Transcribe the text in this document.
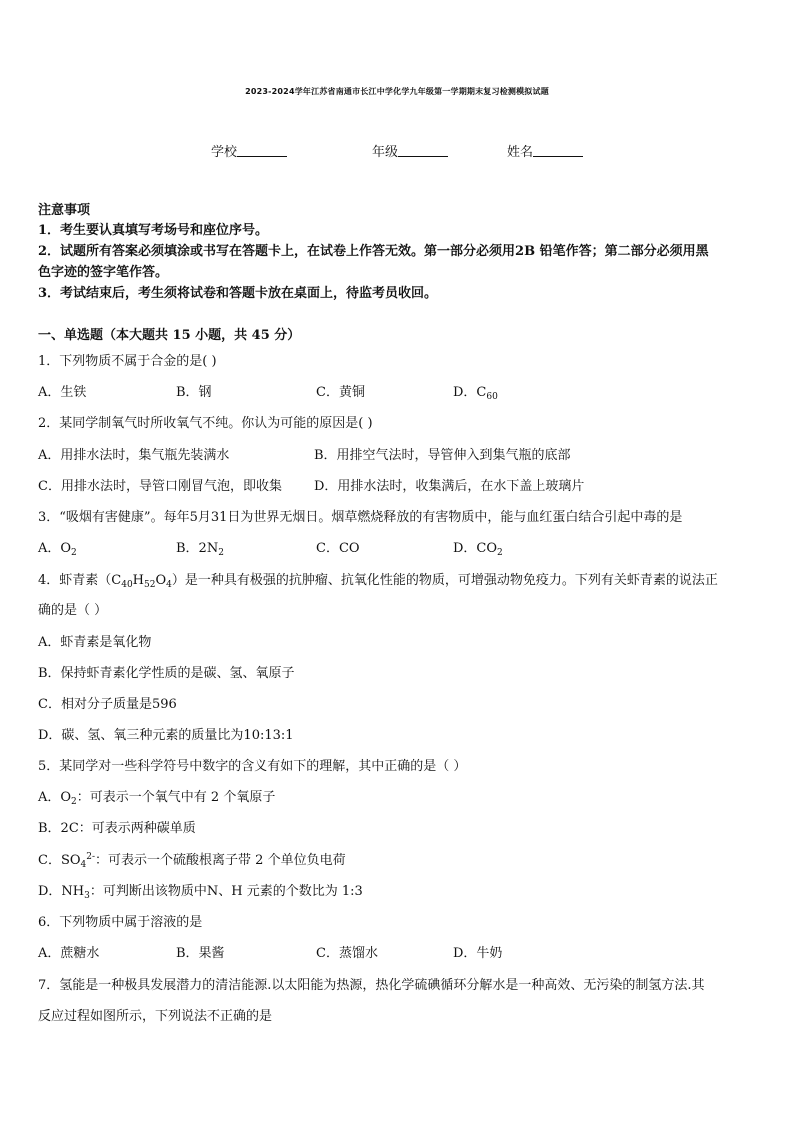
2023-2024学年江苏省南通市长江中学化学九年级第一学期期末复习检测模拟试题
学校	年级	姓名
注意事项
1．考生要认真填写考场号和座位序号。
2．试题所有答案必须填涂或书写在答题卡上，在试卷上作答无效。第一部分必须用2B 铅笔作答；第二部分必须用黑
色字迹的签字笔作答。
3．考试结束后，考生须将试卷和答题卡放在桌面上，待监考员收回。
一、单选题（本大题共 15 小题，共 45 分）
1．下列物质不属于合金的是( )
A．生铁	B．钢	C．黄铜	D．$C_{60}$
2．某同学制氧气时所收氧气不纯。你认为可能的原因是( )
A．用排水法时，集气瓶先装满水	B．用排空气法时，导管伸入到集气瓶的底部
C．用排水法时，导管口刚冒气泡，即收集 D．用排水法时，收集满后，在水下盖上玻璃片
3．“吸烟有害健康”。每年5月31日为世界无烟日。烟草燃烧释放的有害物质中，能与血红蛋白结合引起中毒的是
A．$O_2$	B．$2N_2$	C．CO	D．$CO_2$
4．虾青素$(C_{40}H_{52}O_4)$是一种具有极强的抗肿瘤、抗氧化性能的物质，可增强动物免疫力。下列有关虾青素的说法正
确的是（ ）
A．虾青素是氧化物
B．保持虾青素化学性质的是碳、氢、氧原子
C．相对分子质量是596
D．碳、氢、氧三种元素的质量比为10:13:1
5．某同学对一些科学符号中数字的含义有如下的理解，其中正确的是（ ）
A．$O_2$：可表示一个氧气中有 2 个氧原子
B．2C：可表示两种碳单质
C．$SO_4^{2-}$：可表示一个硫酸根离子带 2 个单位负电荷
D．$NH_3$：可判断出该物质中N、H 元素的个数比为 1:3
6．下列物质中属于溶液的是
A．蔗糖水	B．果酱	C．蒸馏水	D．牛奶
7．氢能是一种极具发展潜力的清洁能源.以太阳能为热源，热化学硫碘循环分解水是一种高效、无污染的制氢方法.其
反应过程如图所示，下列说法不正确的是
